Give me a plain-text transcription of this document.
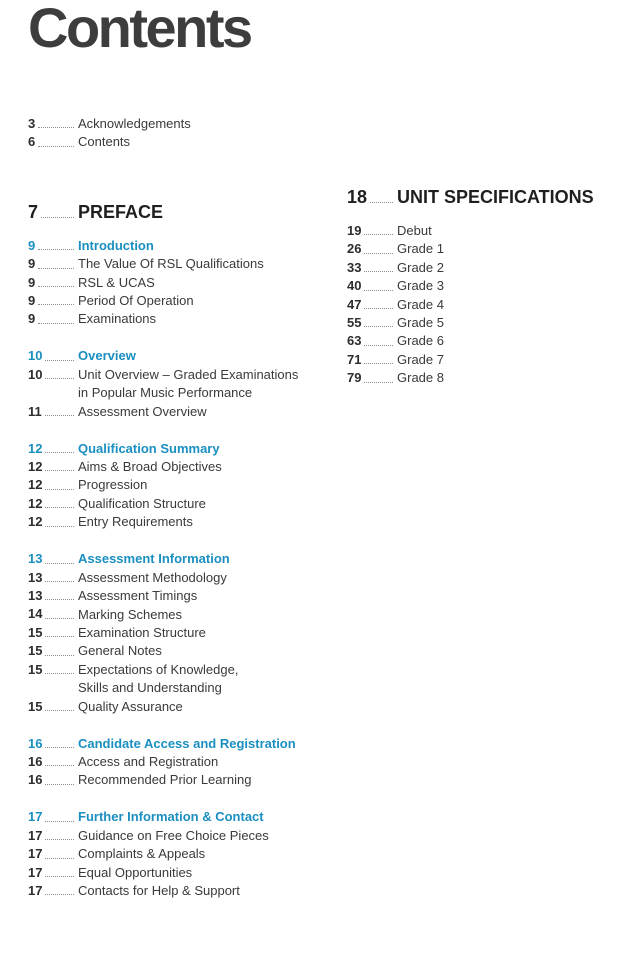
Contents
3	Acknowledgements
6	Contents
7 PREFACE
9	Introduction
9	The Value Of RSL Qualifications
9	RSL & UCAS
9	Period Of Operation
9	Examinations
10	Overview
10	Unit Overview – Graded Examinations
in Popular Music Performance
11	Assessment Overview
12	Qualification Summary
12	Aims & Broad Objectives
12	Progression
12	Qualification Structure
12	Entry Requirements
13	Assessment Information
13	Assessment Methodology
13	Assessment Timings
14	Marking Schemes
15	Examination Structure
15	General Notes
15	Expectations of Knowledge,
Skills and Understanding
15	Quality Assurance
16	Candidate Access and Registration
16	Access and Registration
16	Recommended Prior Learning
17	Further Information & Contact
17	Guidance on Free Choice Pieces
17	Complaints & Appeals
17	Equal Opportunities
17	Contacts for Help & Support
18 UNIT SPECIFICATIONS
19	Debut
26	Grade 1
33	Grade 2
40	Grade 3
47	Grade 4
55	Grade 5
63	Grade 6
71	Grade 7
79	Grade 8
